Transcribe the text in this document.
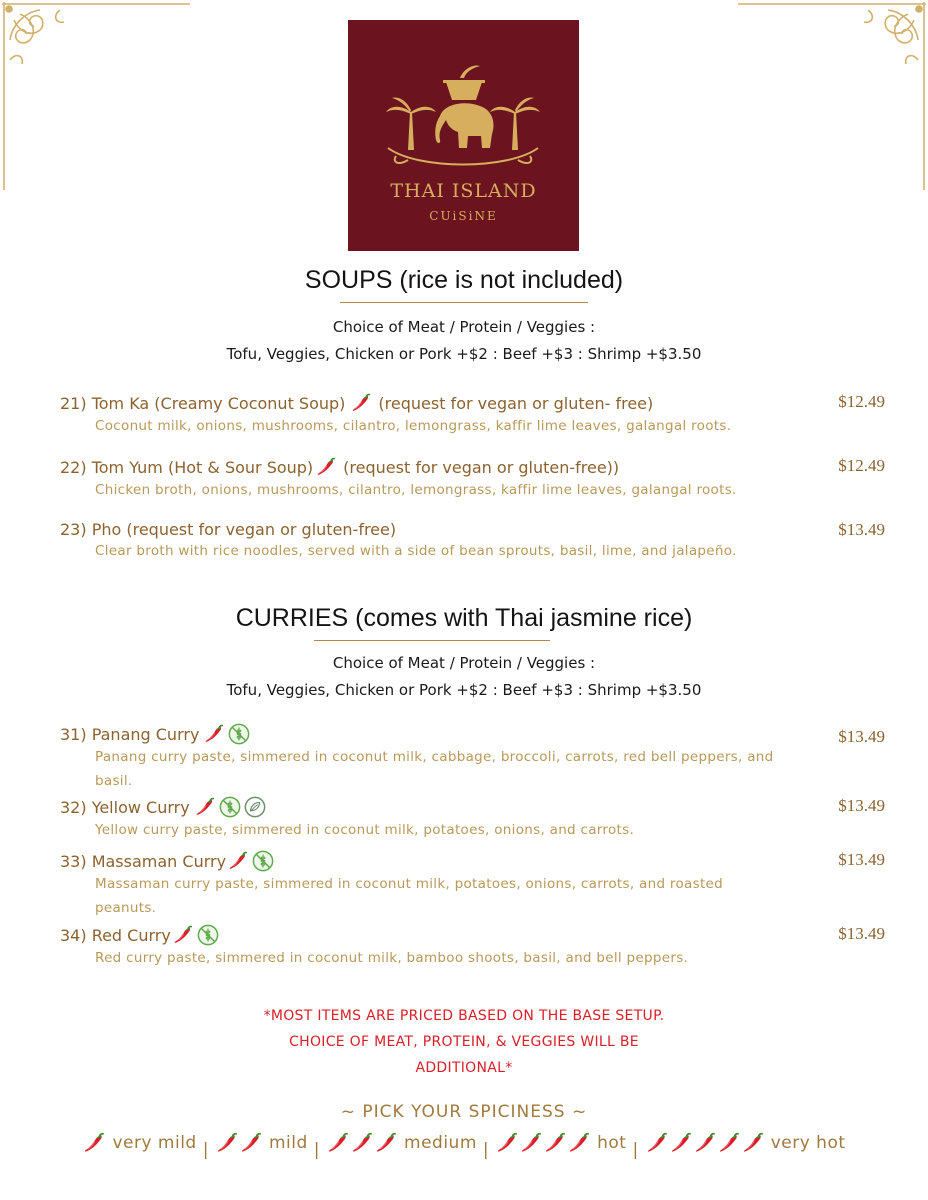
THAI ISLAND
CUiSiNE
SOUPS (rice is not included)
Choice of Meat / Protein / Veggies :
Tofu, Veggies, Chicken or Pork +$2 : Beef +$3 : Shrimp +$3.50
21) Tom Ka (Creamy Coconut Soup) (request for vegan or gluten- free)	$12.49
Coconut milk, onions, mushrooms, cilantro, lemongrass, kaffir lime leaves, galangal roots.
22) Tom Yum (Hot & Sour Soup) (request for vegan or gluten-free))	$12.49
Chicken broth, onions, mushrooms, cilantro, lemongrass, kaffir lime leaves, galangal roots.
23) Pho (request for vegan or gluten-free)	$13.49
Clear broth with rice noodles, served with a side of bean sprouts, basil, lime, and jalapeño.
CURRIES (comes with Thai jasmine rice)
Choice of Meat / Protein / Veggies :
Tofu, Veggies, Chicken or Pork +$2 : Beef +$3 : Shrimp +$3.50
31) Panang Curry	$13.49
Panang curry paste, simmered in coconut milk, cabbage, broccoli, carrots, red bell peppers, and basil.
32) Yellow Curry	$13.49
Yellow curry paste, simmered in coconut milk, potatoes, onions, and carrots.
33) Massaman Curry	$13.49
Massaman curry paste, simmered in coconut milk, potatoes, onions, carrots, and roasted peanuts.
34) Red Curry	$13.49
Red curry paste, simmered in coconut milk, bamboo shoots, basil, and bell peppers.
*MOST ITEMS ARE PRICED BASED ON THE BASE SETUP.
CHOICE OF MEAT, PROTEIN, & VEGGIES WILL BE
ADDITIONAL*
~ PICK YOUR SPICINESS ~
very mild |	mild |	medium |	hot |	very hot
